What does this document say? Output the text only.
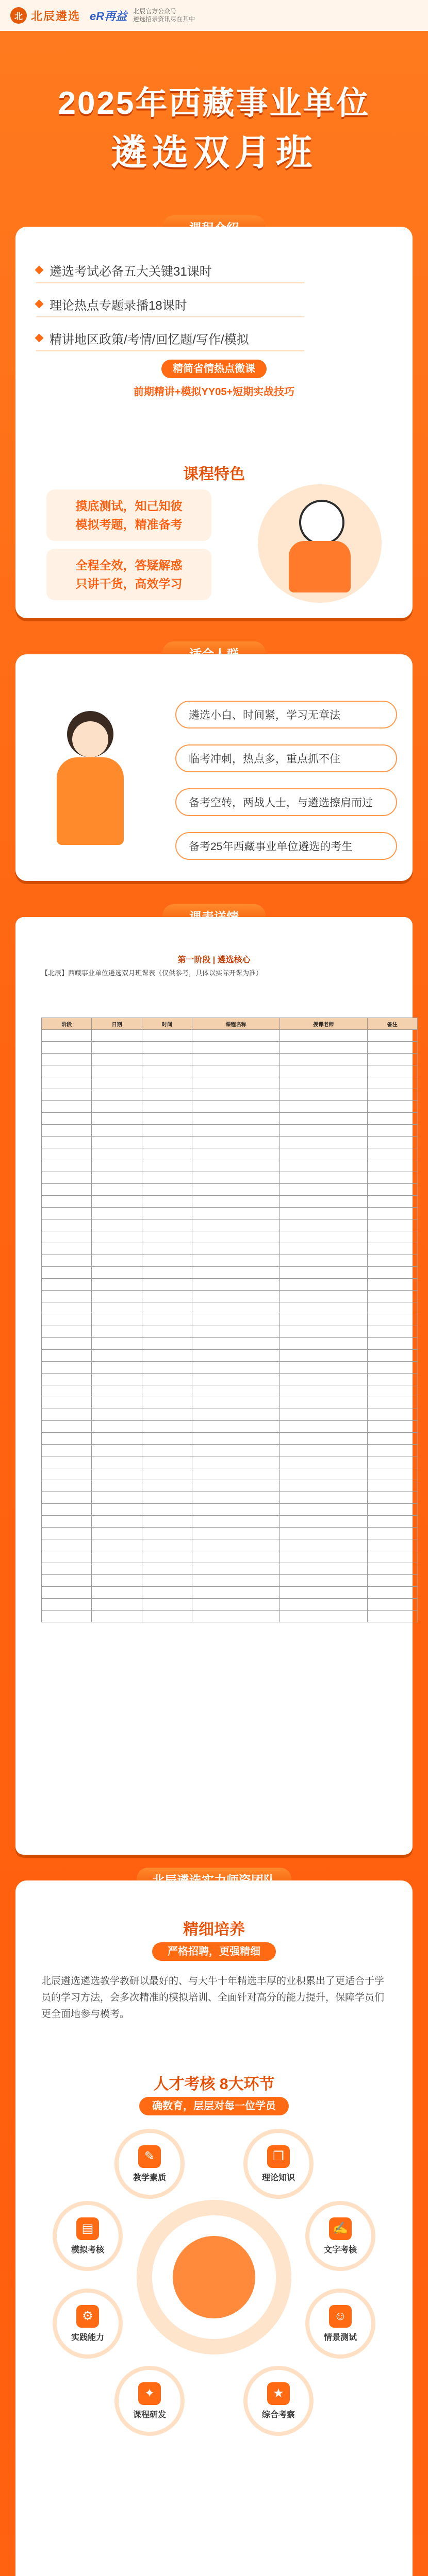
北 北辰遴选 eR再益 北辰官方公众号
遴选招录资讯尽在其中
2025年西藏事业单位
遴选双月班
遴选考试必备五大关键31课时
理论热点专题录播18课时
精讲地区政策/考情/回忆题/写作/模拟
精简省情热点微课
前期精讲+模拟YY05+短期实战技巧
课程特色
摸底测试，知己知彼
模拟考题，精准备考
全程全效，答疑解惑
只讲干货，高效学习
遴选小白、时间紧，学习无章法
临考冲刺，热点多，重点抓不住
备考空转，两战人士，与遴选擦肩而过
备考25年西藏事业单位遴选的考生
第一阶段 | 遴选核心
【北辰】西藏事业单位遴选双月班课表（仅供参考，具体以实际开课为准）
阶段	日期	时间	课程名称	授课老师	备注

精细培养
严格招聘，更强精细培养
北辰遴选遴选教学教研以最好的、与大牛十年精选丰厚的业积累出了更适合于学员的学习方法，会多次精准的模拟培训、全面针对高分的能力提升，保障学员们更全面地参与模考。
人才考核 8大环节
确数育，层层对每一位学员负责
✎
教学素质
❐
理论知识
▤
模拟考核
✍
文字考核
⚙
实践能力
☺
情景测试
✦
课程研发
★
综合考察
